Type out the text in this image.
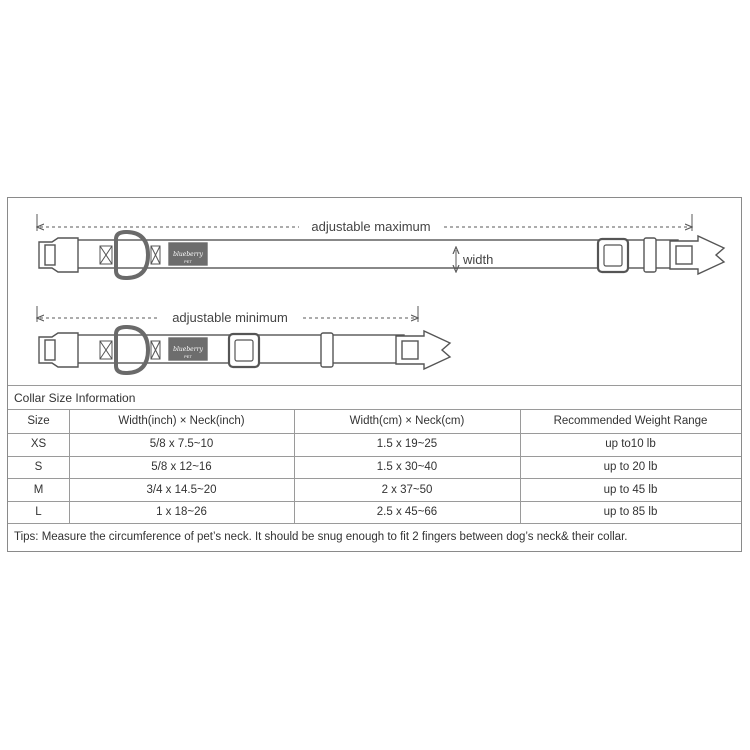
adjustable maximum
blueberry
PET	width
adjustable minimum
blueberry
PET
Collar Size Information
Size	Width(inch) × Neck(inch)	Width(cm) × Neck(cm)	Recommended Weight Range
XS	5/8 x 7.5~10	1.5 x 19~25	up to10 lb
S	5/8 x 12~16	1.5 x 30~40	up to 20 lb
M	3/4 x 14.5~20	2 x 37~50	up to 45 lb
L	1 x 18~26	2.5 x 45~66	up to 85 lb
Tips: Measure the circumference of pet’s neck. It should be snug enough to fit 2 fingers between dog’s neck& their collar.
